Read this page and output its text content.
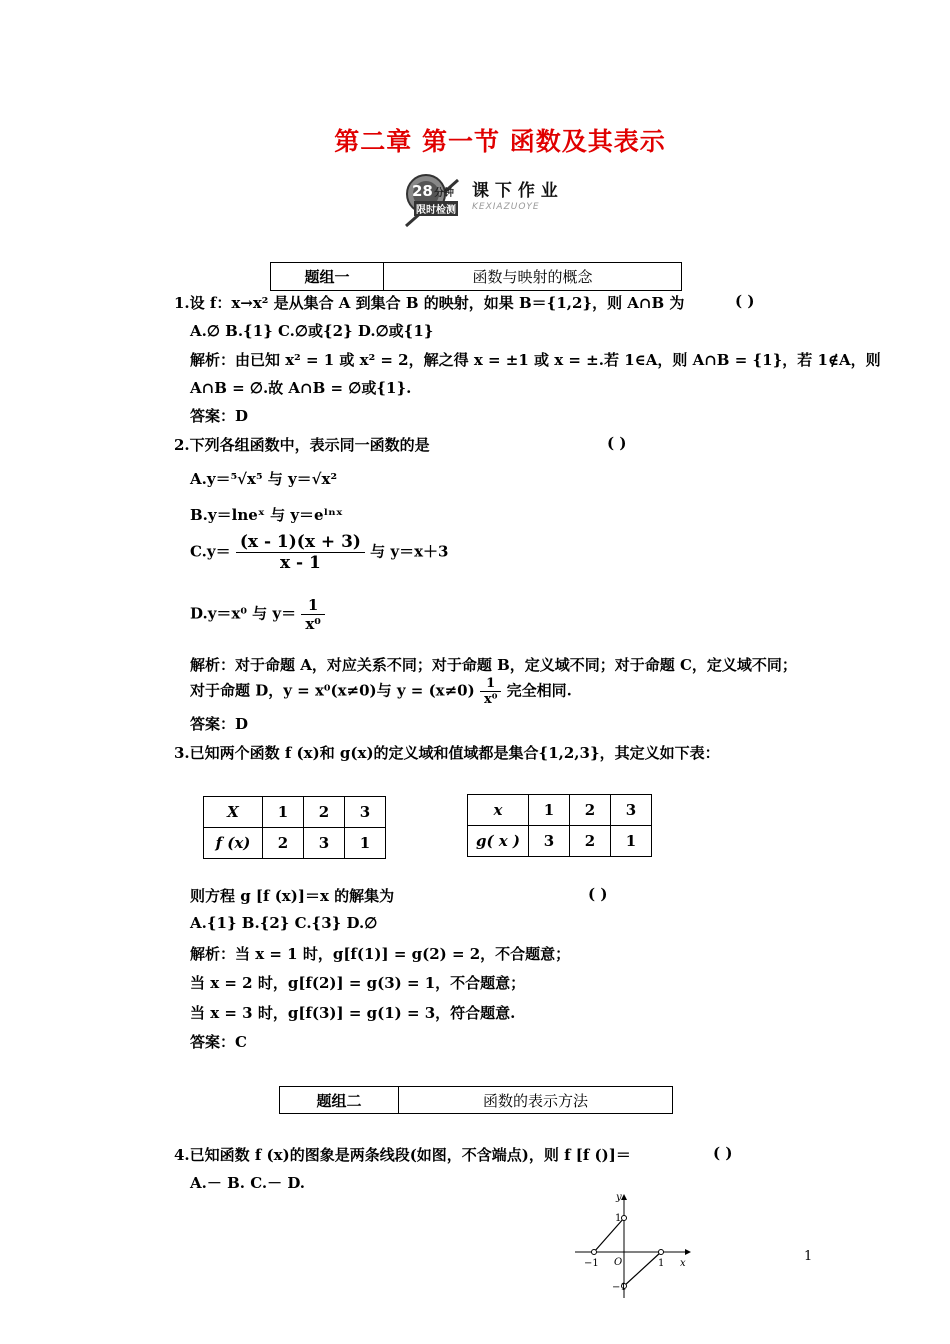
第二章 第一节 函数及其表示
28 分钟
限时检测
课 下 作 业
KEXIAZUOYE
题组一	函数与映射的概念
1.设 f：x→x² 是从集合 A 到集合 B 的映射，如果 B＝{1,2}，则 A∩B 为	( )
A.∅ B.{1} C.∅或{2} D.∅或{1}
解析：由已知 x² = 1 或 x² = 2，解之得 x = ±1 或 x = ±.若 1∈A，则 A∩B = {1}，若 1∉A，则
A∩B = ∅.故 A∩B = ∅或{1}.
答案：D
2.下列各组函数中，表示同一函数的是	( )
A.y＝⁵√x⁵ 与 y＝√x²
B.y＝lneˣ 与 y＝eˡⁿˣ
$C.y= \frac{(x - 1)(x + 3)}{x - 1}$ 与 y＝x＋3
D.y＝x⁰ 与 $y= \frac{1}{\text{x⁰}}$
解析：对于命题 A，对应关系不同；对于命题 B，定义域不同；对于命题 C，定义域不同；
对于命题 D，y = x⁰(x≠0)与 $y = (x\ne 0) \frac{1}{\text{x⁰}}$ 完全相同.
答案：D
3.已知两个函数 f (x)和 g(x)的定义域和值域都是集合{1,2,3}，其定义如下表：
X	1	2	3
f (x)	2	3	1
x	1	2	3
g( x )	3	2	1
则方程 g [f (x)]＝x 的解集为	( )
A.{1} B.{2} C.{3} D.∅
解析：当 x = 1 时，g[f(1)] = g(2) = 2，不合题意；
当 x = 2 时，g[f(2)] = g(3) = 1，不合题意；
当 x = 3 时，g[f(3)] = g(1) = 3，符合题意.
答案：C
题组二	函数的表示方法
4.已知函数 f (x)的图象是两条线段(如图，不含端点)，则 f [f ()]＝	( )
A.－ B. C.－ D.
x
y
O
−1	1
1
−1
1
